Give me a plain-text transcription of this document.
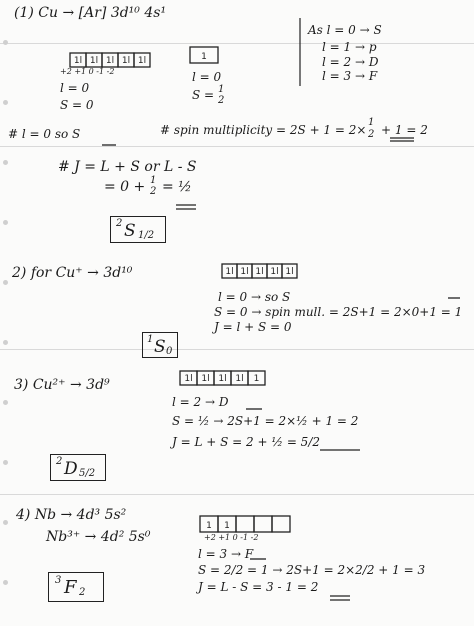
(1) Cu → [Ar] 3d¹⁰ 4s¹
1l 1l 1l 1l 1l	1
1l 1l 1l 1l 1l
1l 1l 1l 1l 1
1 1
+2 +1 0 -1 -2
l = 0
S = 0
l = 0
S = 1
2
As l = 0 → S
l = 1 → p
l = 2 → D
l = 3 → F
# l = 0 so S	# spin multiplicity = 2S + 1 = 2×
1
2 + 1 = 2
# J = L + S or L - S
= 0 + 1
2 = ½
2 S 1/2
2) for Cu⁺ → 3d¹⁰
l = 0 → so S
S = 0 → spin mull. = 2S+1 = 2×0+1 = 1
J = l + S = 0
1 S 0
3) Cu²⁺ → 3d⁹
l = 2 → D
S = ½ → 2S+1 = 2×½ + 1 = 2
J = L + S = 2 + ½ = 5/2
2 D 5/2
4) Nb → 4d³ 5s²
Nb³⁺ → 4d² 5s⁰	+2 +1 0 -1 -2
l = 3 → F
S = 2/2 = 1 → 2S+1 = 2×2/2 + 1 = 3
J = L - S = 3 - 1 = 2
3 F 2
